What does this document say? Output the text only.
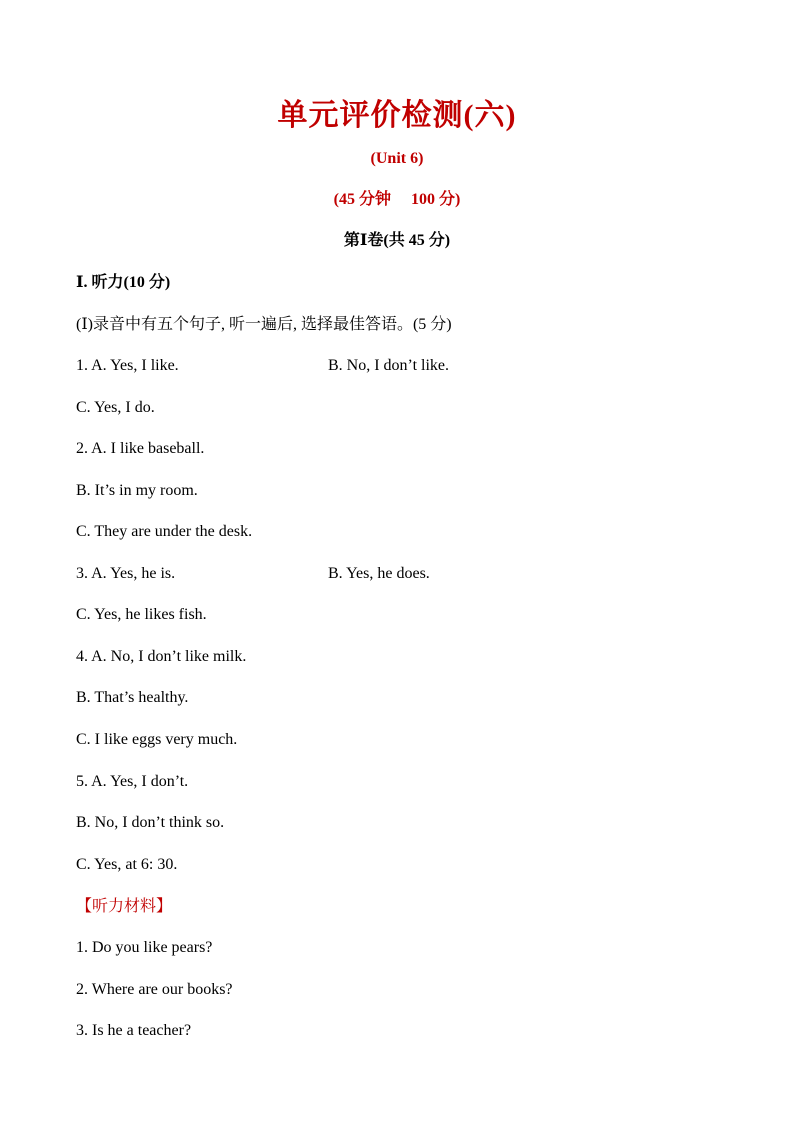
单元评价检测(六)
(Unit 6)
(45 分钟 100 分)
第Ⅰ卷(共 45 分)
Ⅰ. 听力(10 分)
(Ⅰ)录音中有五个句子, 听一遍后, 选择最佳答语。(5 分)
1. A. Yes, I like.	B. No, I don’t like.
C. Yes, I do.
2. A. I like baseball.
B. It’s in my room.
C. They are under the desk.
3. A. Yes, he is.	B. Yes, he does.
C. Yes, he likes fish.
4. A. No, I don’t like milk.
B. That’s healthy.
C. I like eggs very much.
5. A. Yes, I don’t.
B. No, I don’t think so.
C. Yes, at 6: 30.
【听力材料】
1. Do you like pears?
2. Where are our books?
3. Is he a teacher?
